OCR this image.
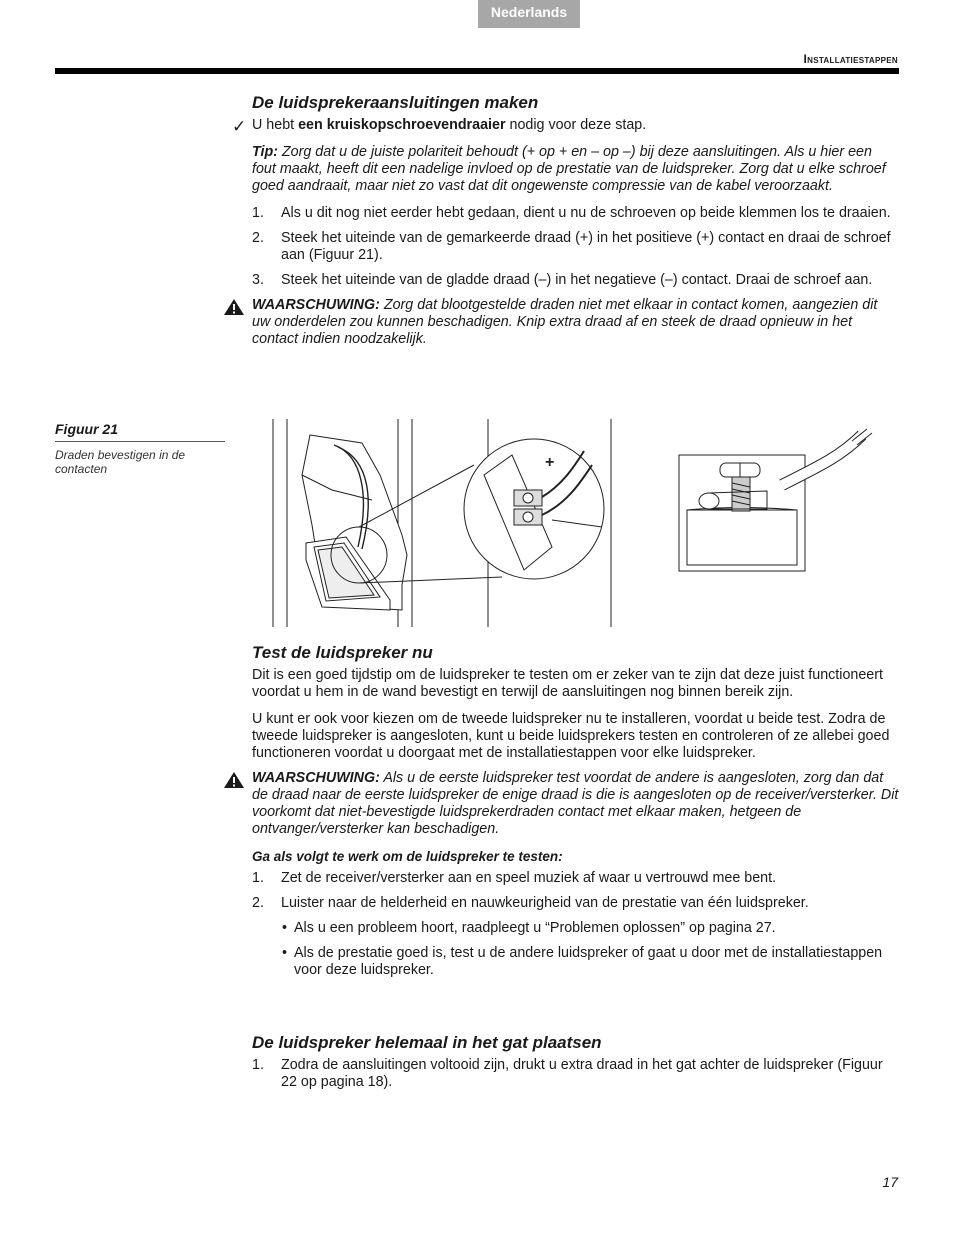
Nederlands
Installatiestappen
De luidsprekeraansluitingen maken
✓ U hebt een kruiskopschroevendraaier nodig voor deze stap.
Tip: Zorg dat u de juiste polariteit behoudt (+ op + en – op –) bij deze aansluitingen. Als u hier een fout maakt, heeft dit een nadelige invloed op de prestatie van de luidspreker. Zorg dat u elke schroef goed aandraait, maar niet zo vast dat dit ongewenste compressie van de kabel veroorzaakt.
1. Als u dit nog niet eerder hebt gedaan, dient u nu de schroeven op beide klemmen los te draaien.
2. Steek het uiteinde van de gemarkeerde draad (+) in het positieve (+) contact en draai de schroef aan (Figuur 21).
3. Steek het uiteinde van de gladde draad (–) in het negatieve (–) contact. Draai de schroef aan.
WAARSCHUWING: Zorg dat blootgestelde draden niet met elkaar in contact komen, aangezien dit uw onderdelen zou kunnen beschadigen. Knip extra draad af en steek de draad opnieuw in het contact indien noodzakelijk.
Figuur 21
Draden bevestigen in de contacten	+
Test de luidspreker nu
Dit is een goed tijdstip om de luidspreker te testen om er zeker van te zijn dat deze juist functioneert voordat u hem in de wand bevestigt en terwijl de aansluitingen nog binnen bereik zijn.
U kunt er ook voor kiezen om de tweede luidspreker nu te installeren, voordat u beide test. Zodra de tweede luidspreker is aangesloten, kunt u beide luidsprekers testen en controleren of ze allebei goed functioneren voordat u doorgaat met de installatiestappen voor elke luidspreker.
WAARSCHUWING: Als u de eerste luidspreker test voordat de andere is aangesloten, zorg dan dat de draad naar de eerste luidspreker de enige draad is die is aangesloten op de receiver/versterker. Dit voorkomt dat niet-bevestigde luidsprekerdraden contact met elkaar maken, hetgeen de ontvanger/versterker kan beschadigen.
Ga als volgt te werk om de luidspreker te testen:
1. Zet de receiver/versterker aan en speel muziek af waar u vertrouwd mee bent.
2. Luister naar de helderheid en nauwkeurigheid van de prestatie van één luidspreker.
• Als u een probleem hoort, raadpleegt u “Problemen oplossen” op pagina 27.
• Als de prestatie goed is, test u de andere luidspreker of gaat u door met de installatiestappen voor deze luidspreker.
De luidspreker helemaal in het gat plaatsen
1. Zodra de aansluitingen voltooid zijn, drukt u extra draad in het gat achter de luidspreker (Figuur 22 op pagina 18).
17
